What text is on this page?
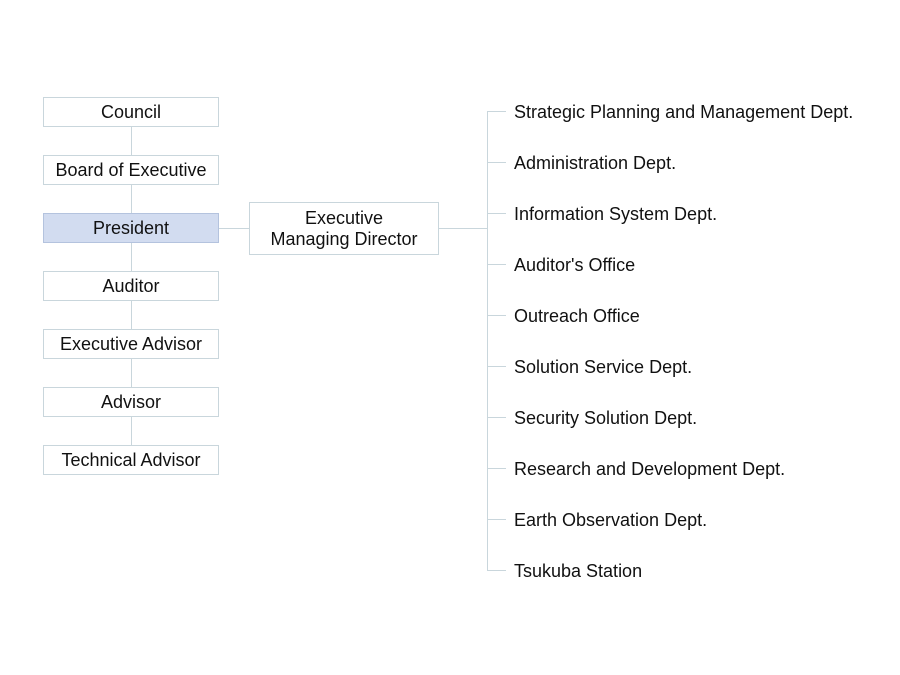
Council
Board of Executive
President
Auditor
Executive Advisor
Advisor
Technical Advisor
Executive
Managing Director
Strategic Planning and Management Dept.
Administration Dept.
Information System Dept.
Auditor's Office
Outreach Office
Solution Service Dept.
Security Solution Dept.
Research and Development Dept.
Earth Observation Dept.
Tsukuba Station
